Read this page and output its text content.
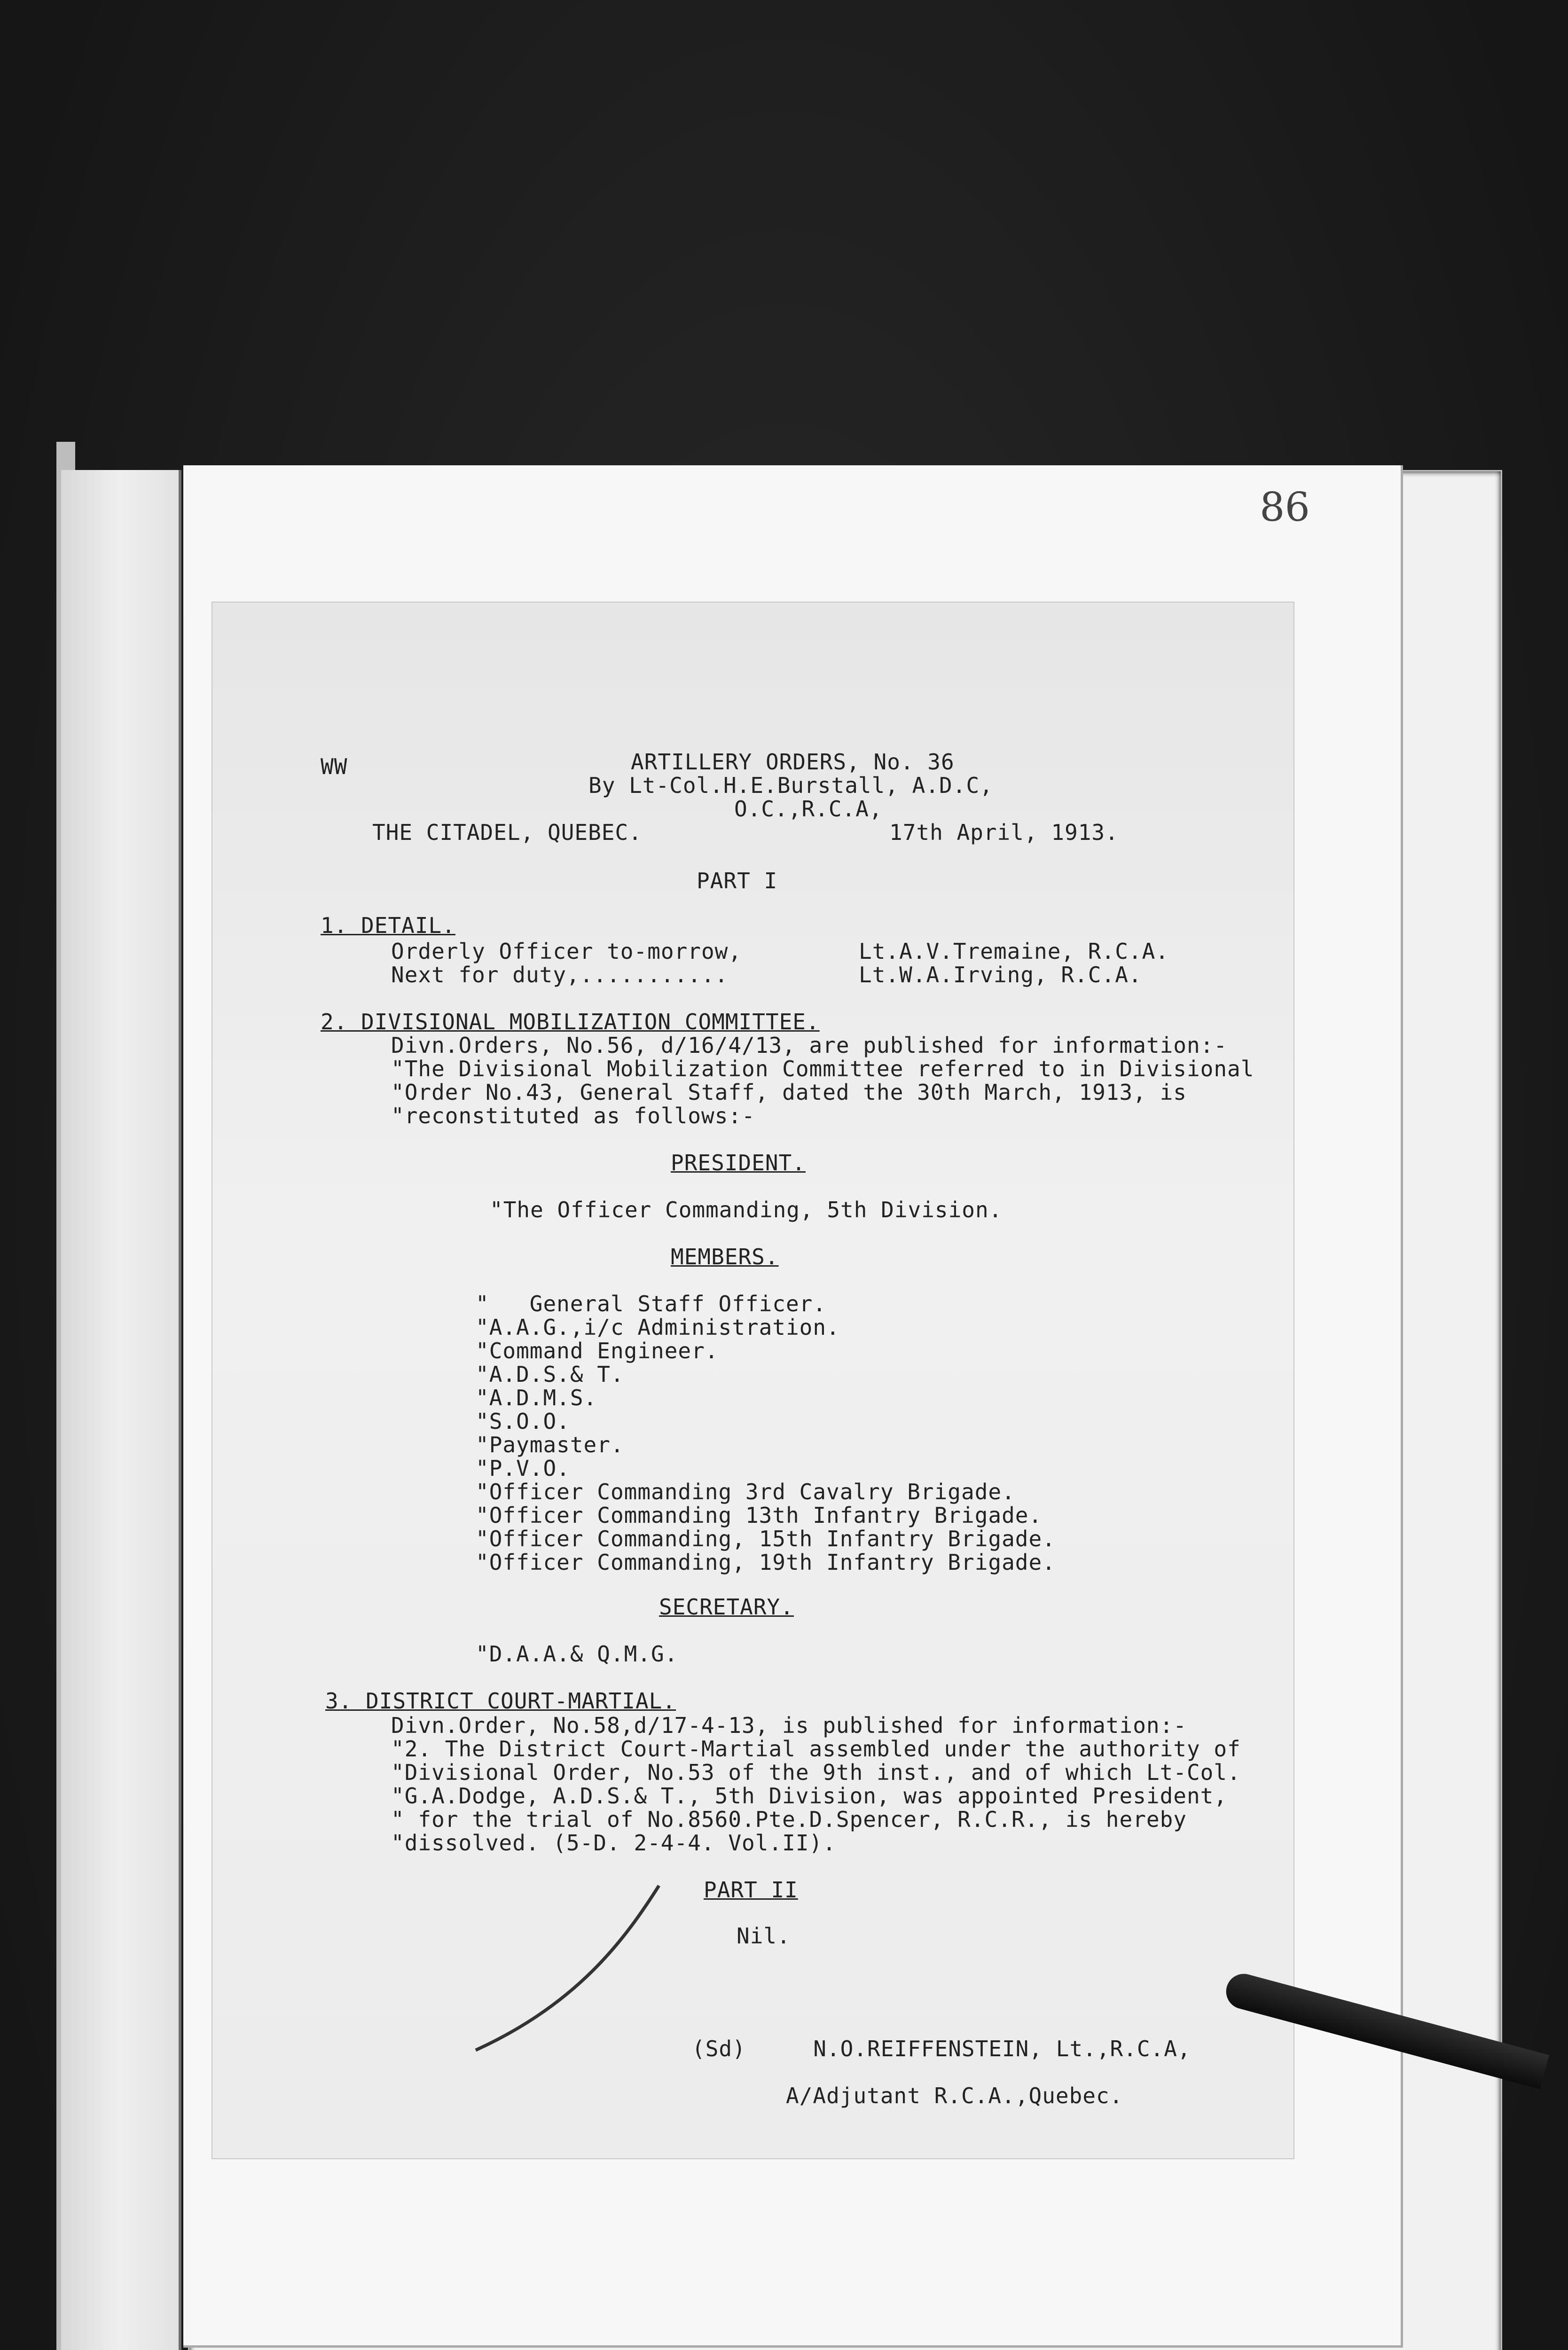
86
WW	ARTILLERY ORDERS, No. 36
By Lt-Col.H.E.Burstall, A.D.C,
O.C.,R.C.A,
THE CITADEL, QUEBEC.	17th April, 1913.
PART I
1. DETAIL.
Orderly Officer to-morrow,	Lt.A.V.Tremaine, R.C.A.
Next for duty,...........	Lt.W.A.Irving, R.C.A.
2. DIVISIONAL MOBILIZATION COMMITTEE.
Divn.Orders, No.56, d/16/4/13, are published for information:-
"The Divisional Mobilization Committee referred to in Divisional
"Order No.43, General Staff, dated the 30th March, 1913, is
"reconstituted as follows:-
PRESIDENT.
"The Officer Commanding, 5th Division.
MEMBERS.
"   General Staff Officer.
"A.A.G.,i/c Administration.
"Command Engineer.
"A.D.S.& T.
"A.D.M.S.
"S.O.O.
"Paymaster.
"P.V.O.
"Officer Commanding 3rd Cavalry Brigade.
"Officer Commanding 13th Infantry Brigade.
"Officer Commanding, 15th Infantry Brigade.
"Officer Commanding, 19th Infantry Brigade.
SECRETARY.
"D.A.A.& Q.M.G.
3. DISTRICT COURT-MARTIAL.
Divn.Order, No.58,d/17-4-13, is published for information:-
"2. The District Court-Martial assembled under the authority of
"Divisional Order, No.53 of the 9th inst., and of which Lt-Col.
"G.A.Dodge, A.D.S.& T., 5th Division, was appointed President,
" for the trial of No.8560.Pte.D.Spencer, R.C.R., is hereby
"dissolved. (5-D. 2-4-4. Vol.II).
PART II
Nil.
(Sd)     N.O.REIFFENSTEIN, Lt.,R.C.A,
A/Adjutant R.C.A.,Quebec.
